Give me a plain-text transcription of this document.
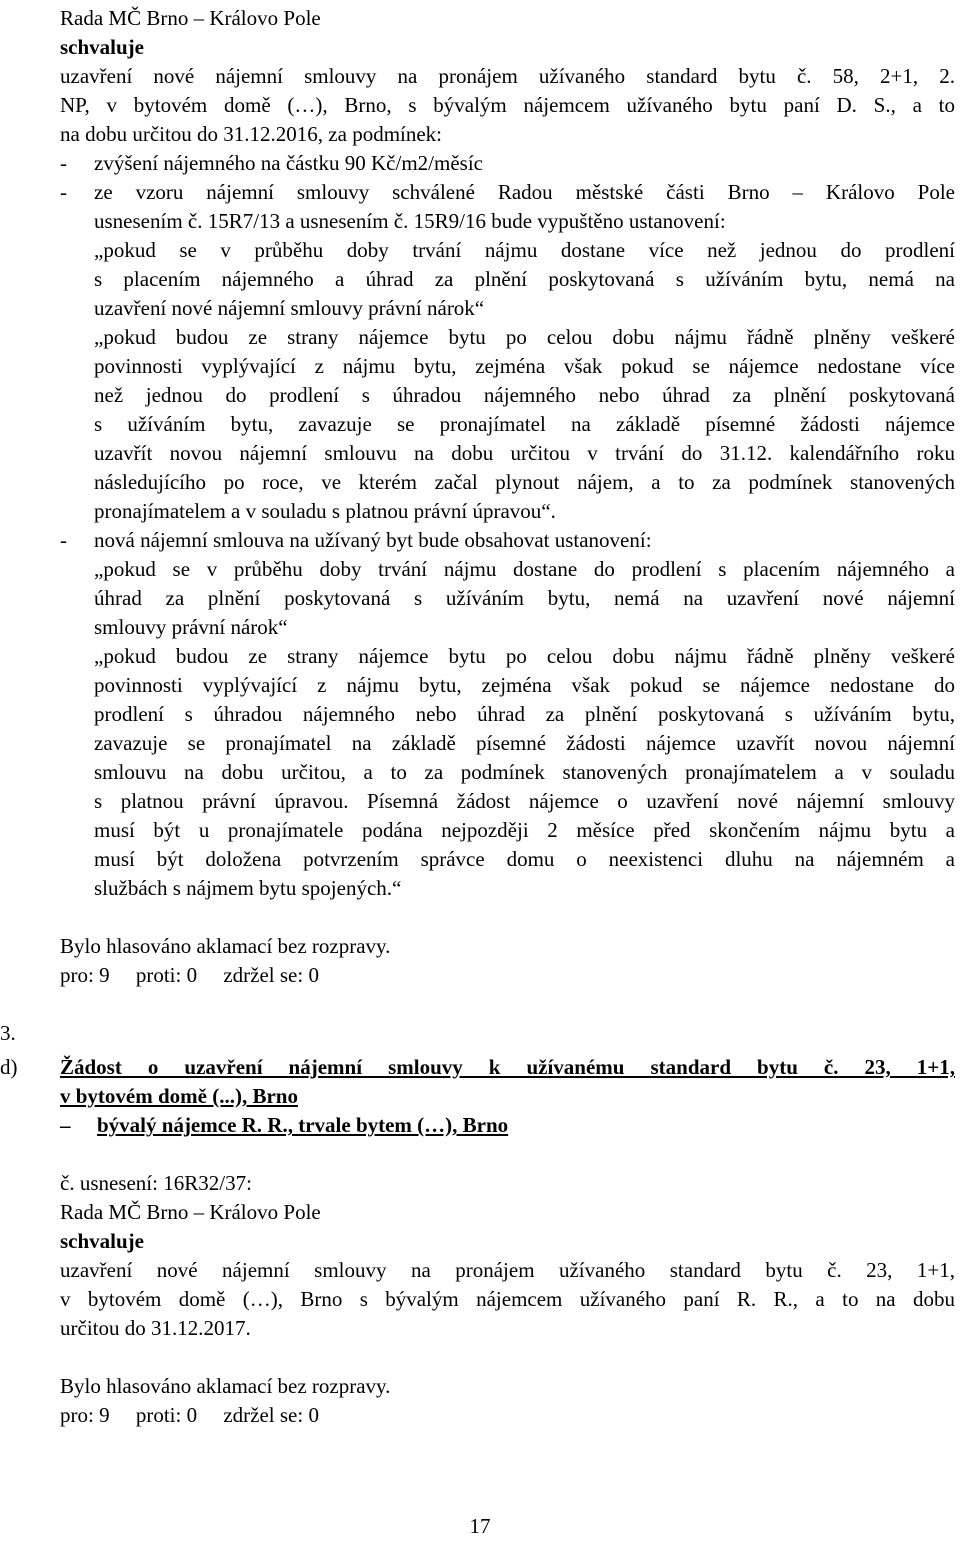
Rada MČ Brno – Královo Pole
schvaluje
uzavření nové nájemní smlouvy na pronájem užívaného standard bytu č. 58, 2+1, 2.
NP, v bytovém domě (…), Brno, s bývalým nájemcem užívaného bytu paní D. S., a to
na dobu určitou do 31.12.2016, za podmínek:
- zvýšení nájemného na částku 90 Kč/m2/měsíc
- ze vzoru nájemní smlouvy schválené Radou městské části Brno – Královo Pole
usnesením č. 15R7/13 a usnesením č. 15R9/16 bude vypuštěno ustanovení:
„pokud se v průběhu doby trvání nájmu dostane více než jednou do prodlení
s placením nájemného a úhrad za plnění poskytovaná s užíváním bytu, nemá na
uzavření nové nájemní smlouvy právní nárok“
„pokud budou ze strany nájemce bytu po celou dobu nájmu řádně plněny veškeré
povinnosti vyplývající z nájmu bytu, zejména však pokud se nájemce nedostane více
než jednou do prodlení s úhradou nájemného nebo úhrad za plnění poskytovaná
s užíváním bytu, zavazuje se pronajímatel na základě písemné žádosti nájemce
uzavřít novou nájemní smlouvu na dobu určitou v trvání do 31.12. kalendářního roku
následujícího po roce, ve kterém začal plynout nájem, a to za podmínek stanovených
pronajímatelem a v souladu s platnou právní úpravou“.
- nová nájemní smlouva na užívaný byt bude obsahovat ustanovení:
„pokud se v průběhu doby trvání nájmu dostane do prodlení s placením nájemného a
úhrad za plnění poskytovaná s užíváním bytu, nemá na uzavření nové nájemní
smlouvy právní nárok“
„pokud budou ze strany nájemce bytu po celou dobu nájmu řádně plněny veškeré
povinnosti vyplývající z nájmu bytu, zejména však pokud se nájemce nedostane do
prodlení s úhradou nájemného nebo úhrad za plnění poskytovaná s užíváním bytu,
zavazuje se pronajímatel na základě písemné žádosti nájemce uzavřít novou nájemní
smlouvu na dobu určitou, a to za podmínek stanovených pronajímatelem a v souladu
s platnou právní úpravou. Písemná žádost nájemce o uzavření nové nájemní smlouvy
musí být u pronajímatele podána nejpozději 2 měsíce před skončením nájmu bytu a
musí být doložena potvrzením správce domu o neexistenci dluhu na nájemném a
službách s nájmem bytu spojených.“
Bylo hlasováno aklamací bez rozpravy.
pro: 9     proti: 0     zdržel se: 0
3.
d) Žádost o uzavření nájemní smlouvy k užívanému standard bytu č. 23, 1+1,
v bytovém domě (...), Brno
– bývalý nájemce R. R., trvale bytem (…), Brno
č. usnesení: 16R32/37:
Rada MČ Brno – Královo Pole
schvaluje
uzavření nové nájemní smlouvy na pronájem užívaného standard bytu č. 23, 1+1,
v bytovém domě (…), Brno s bývalým nájemcem užívaného paní R. R., a to na dobu
určitou do 31.12.2017.
Bylo hlasováno aklamací bez rozpravy.
pro: 9     proti: 0     zdržel se: 0
17
